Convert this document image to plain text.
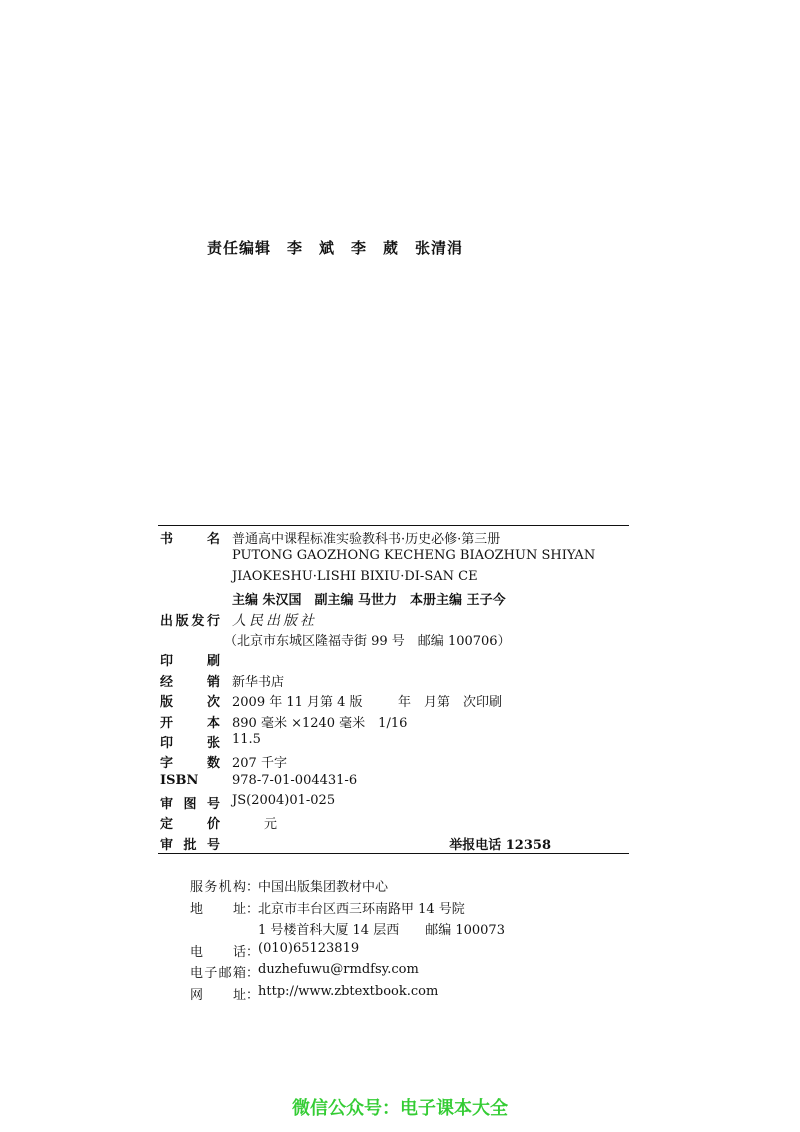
责任编辑　李　斌　李　葳　张清涓
书名 普通高中课程标准实验教科书·历史必修·第三册
PUTONG GAOZHONG KECHENG BIAOZHUN SHIYAN
JIAOKESHU·LISHI BIXIU·DI-SAN CE
主编 朱汉国　副主编 马世力　本册主编 王子今
出版发行 人民出版社
（北京市东城区隆福寺街 99 号　邮编 100706）
印刷
经销 新华书店
版次 2009 年 11 月第 4 版	年　月第　次印刷
开本 890 毫米 ×1240 毫米　1/16
印张 11.5
字数 207 千字
ISBN	978-7-01-004431-6
审图号 JS(2004)01-025
定价	元
审批号	举报电话 12358
服务机构 ：
中国出版集团教材中心
地址 ：
北京市丰台区西三环南路甲 14 号院
1 号楼首科大厦 14 层西　　邮编 100073
电话 ：
(010)65123819
电子邮箱 ：
duzhefuwu@rmdfsy.com
网址 ：
http://www.zbtextbook.com
微信公众号：电子课本大全
